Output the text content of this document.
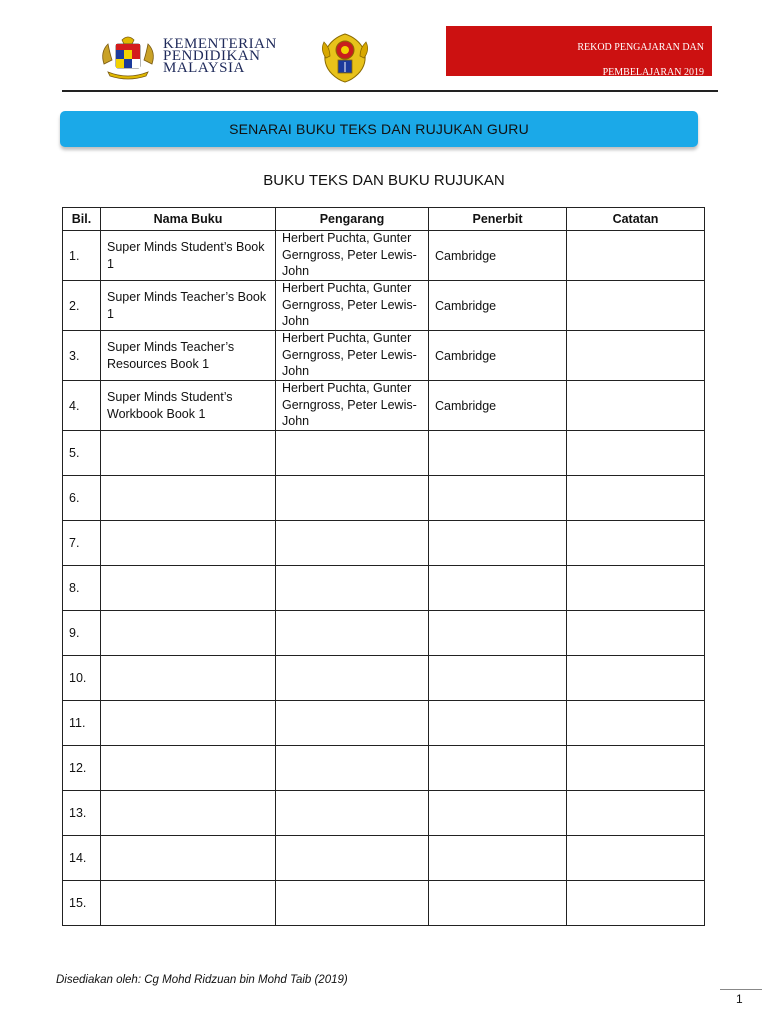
KEMENTERIAN
PENDIDIKAN
MALAYSIA
REKOD PENGAJARAN DAN
PEMBELAJARAN 2019
SENARAI BUKU TEKS DAN RUJUKAN GURU
BUKU TEKS DAN BUKU RUJUKAN
Bil.	Nama Buku	Pengarang	Penerbit	Catatan
1.	Super Minds Student’s Book 1	Herbert Puchta, Gunter Gerngross, Peter Lewis-John	Cambridge	
2.	Super Minds Teacher’s Book 1	Herbert Puchta, Gunter Gerngross, Peter Lewis-John	Cambridge	
3.	Super Minds Teacher’s Resources Book 1	Herbert Puchta, Gunter Gerngross, Peter Lewis-John	Cambridge	
4.	Super Minds Student’s Workbook Book 1	Herbert Puchta, Gunter Gerngross, Peter Lewis-John	Cambridge	
5.				
6.				
7.				
8.				
9.				
10.				
11.				
12.				
13.				
14.				
15.				
Disediakan oleh: Cg Mohd Ridzuan bin Mohd Taib (2019)
1
